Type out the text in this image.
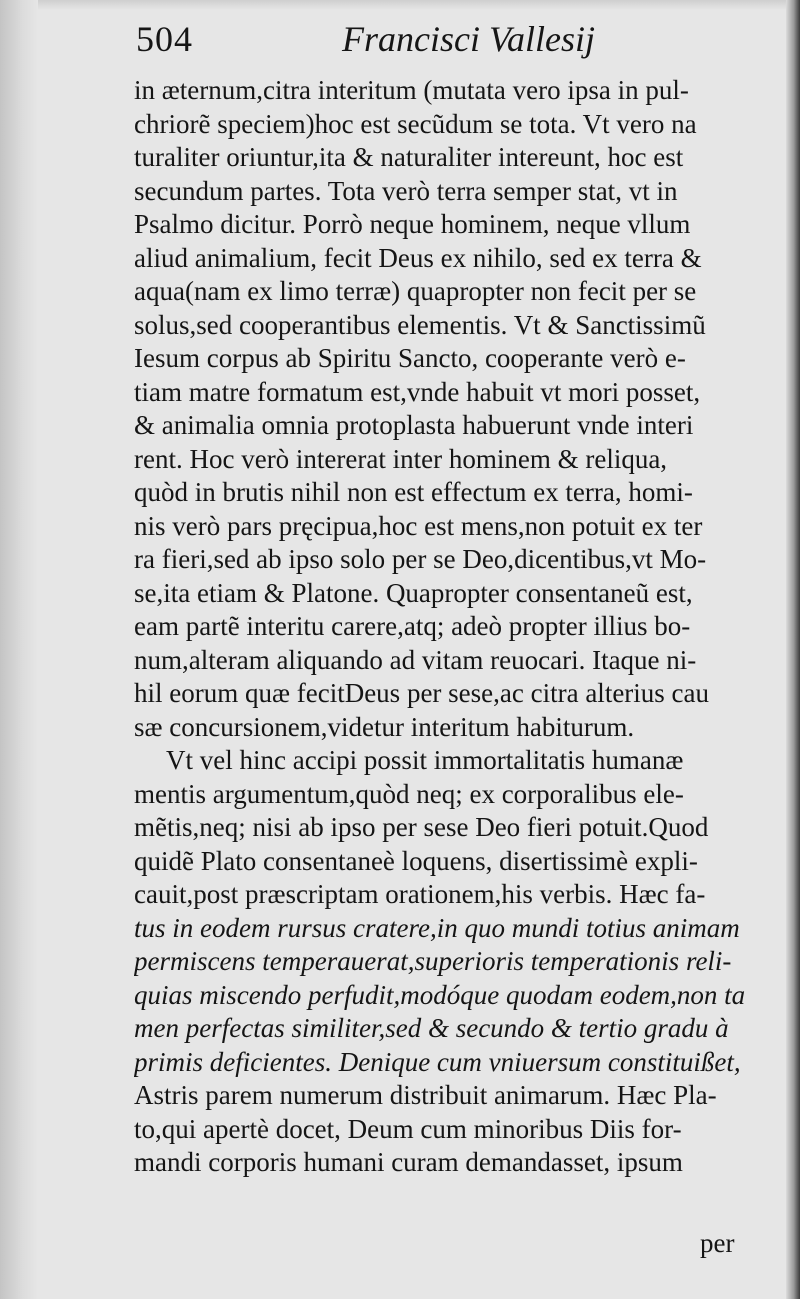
504	Francisci Vallesij
in æternum,citra interitum (mutata vero ipsa in pul-
chriorẽ speciem)hoc est secũdum se tota. Vt vero na
turaliter oriuntur,ita & naturaliter intereunt, hoc est
secundum partes. Tota verò terra semper stat, vt in
Psalmo dicitur. Porrò neque hominem, neque vllum
aliud animalium, fecit Deus ex nihilo, sed ex terra &
aqua(nam ex limo terræ) quapropter non fecit per se
solus,sed cooperantibus elementis. Vt & Sanctissimũ
Iesum corpus ab Spiritu Sancto, cooperante verò e-
tiam matre formatum est,vnde habuit vt mori posset,
& animalia omnia protoplasta habuerunt vnde interi
rent. Hoc verò intererat inter hominem & reliqua,
quòd in brutis nihil non est effectum ex terra, homi-
nis verò pars pręcipua,hoc est mens,non potuit ex ter
ra fieri,sed ab ipso solo per se Deo,dicentibus,vt Mo-
se,ita etiam & Platone. Quapropter consentaneũ est,
eam partẽ interitu carere,atq; adeò propter illius bo-
num,alteram aliquando ad vitam reuocari. Itaque ni-
hil eorum quæ fecitDeus per sese,ac citra alterius cau
sæ concursionem,videtur interitum habiturum.
Vt vel hinc accipi possit immortalitatis humanæ
mentis argumentum,quòd neq; ex corporalibus ele-
mẽtis,neq; nisi ab ipso per sese Deo fieri potuit.Quod
quidẽ Plato consentaneè loquens, disertissimè expli-
cauit,post præscriptam orationem,his verbis. Hæc fa-
tus in eodem rursus cratere,in quo mundi totius animam
permiscens temperauerat,superioris temperationis reli-
quias miscendo perfudit,modóque quodam eodem,non ta
men perfectas similiter,sed & secundo & tertio gradu à
primis deficientes. Denique cum vniuersum constituißet,
Astris parem numerum distribuit animarum. Hæc Pla-
to,qui apertè docet, Deum cum minoribus Diis for-
mandi corporis humani curam demandasset, ipsum
per
